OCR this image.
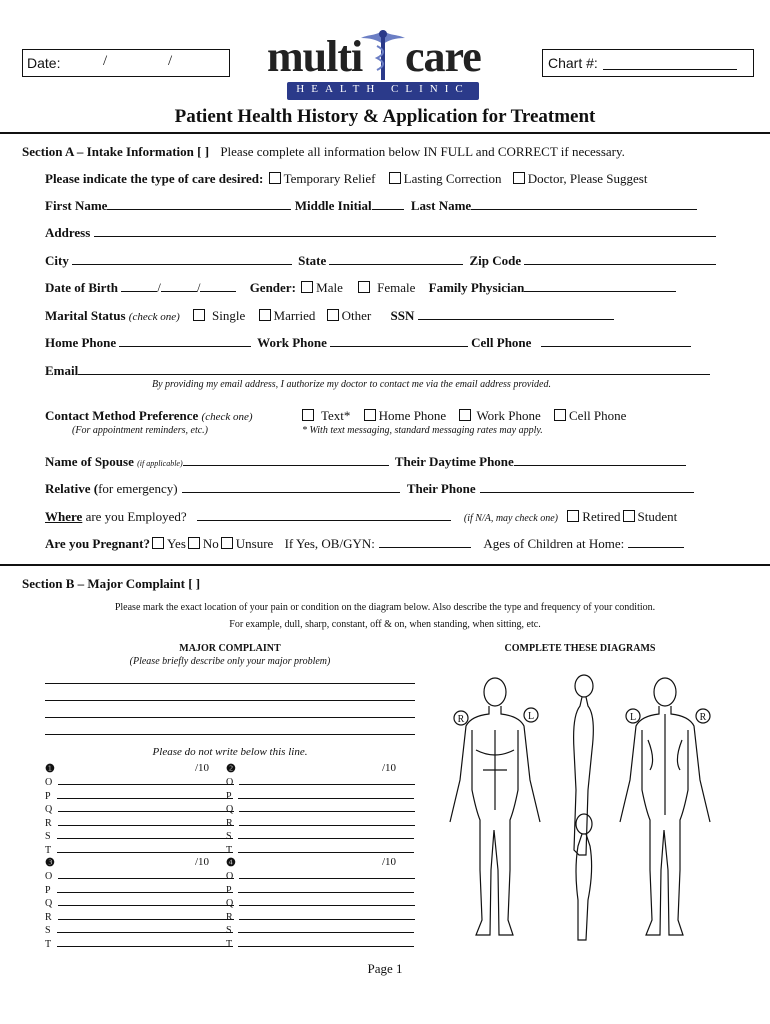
Date:	/	/ multi care
HEALTH CLINIC
Chart #:
Patient Health History & Application for Treatment
Section A – Intake Information [ ] Please complete all information below IN FULL and CORRECT if necessary.
Please indicate the type of care desired: Temporary Relief Lasting Correction Doctor, Please Suggest
First Name	Middle Initial	Last Name
Address
City	State	Zip Code
Date of Birth	/	/	Gender: Male	Female Family Physician
Marital Status (check one) Single Married Other SSN
Home Phone	Work Phone	Cell Phone
Email
By providing my email address, I authorize my doctor to contact me via the email address provided.
Contact Method Preference (check one)	Text* Home Phone Work Phone Cell Phone
(For appointment reminders, etc.)	* With text messaging, standard messaging rates may apply.
Name of Spouse (if applicable)	Their Daytime Phone
Relative (for emergency)	Their Phone
Where are you Employed?	(if N/A, may check one) Retired Student
Are you Pregnant? Yes No Unsure If Yes, OB/GYN:	Ages of Children at Home:
Section B – Major Complaint [ ]
Please mark the exact location of your pain or condition on the diagram below. Also describe the type and frequency of your condition.
For example, dull, sharp, constant, off & on, when standing, when sitting, etc.
MAJOR COMPLAINT
(Please briefly describe only your major problem)
COMPLETE THESE DIAGRAMS
Please do not write below this line.
❶	/10
O
P
Q
R
S
T
❷	/10
O
P
Q
R
S
T
❸	/10
O
P
Q
R
S
T
❹	/10
O
P
Q
R
S
T
R	L	L	R
Page 1
